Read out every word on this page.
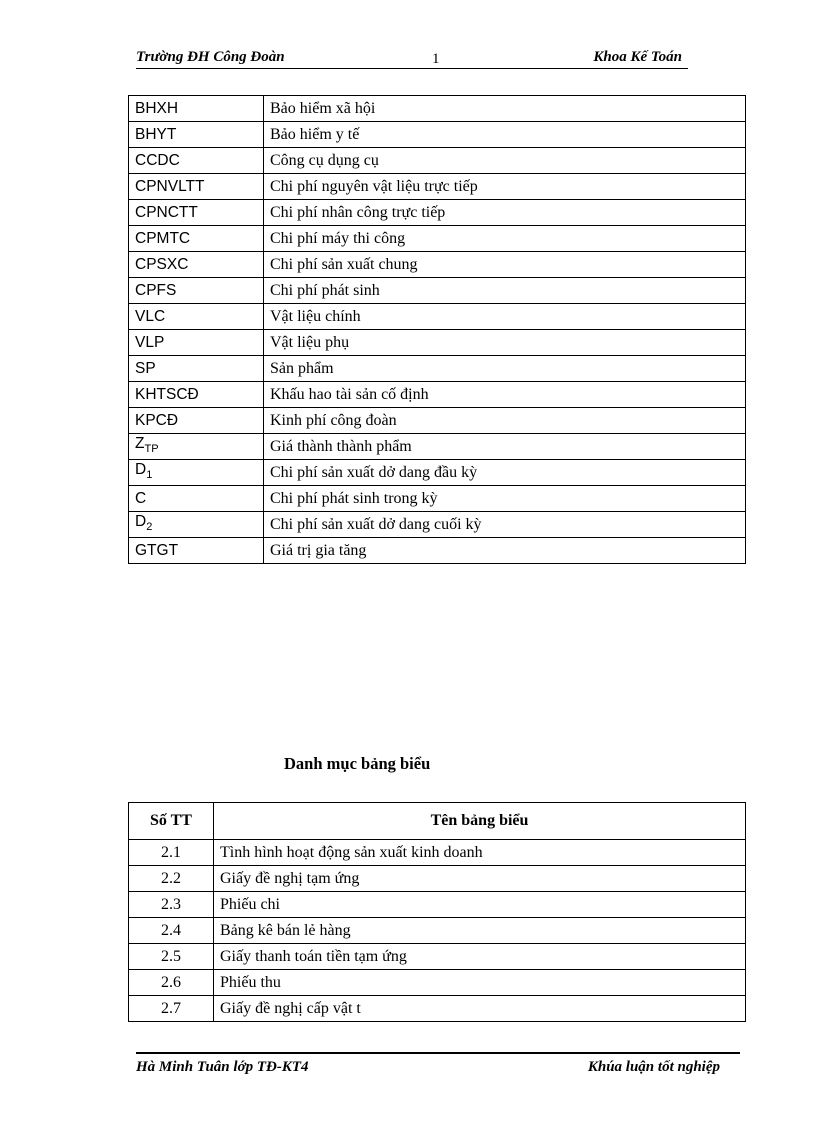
Trường ĐH Công Đoàn	1	Khoa Kế Toán
BHXH	Bảo hiểm xã hội
BHYT	Bảo hiểm y tế
CCDC	Công cụ dụng cụ
CPNVLTT	Chi phí nguyên vật liệu trực tiếp
CPNCTT	Chi phí nhân công trực tiếp
CPMTC	Chi phí máy thi công
CPSXC	Chi phí sản xuất chung
CPFS	Chi phí phát sinh
VLC	Vật liệu chính
VLP	Vật liệu phụ
SP	Sản phẩm
KHTSCĐ	Khấu hao tài sản cố định
KPCĐ	Kinh phí công đoàn
$Z_{TP}$	Giá thành thành phẩm
$D_1$	Chi phí sản xuất dở dang đầu kỳ
C	Chi phí phát sinh trong kỳ
$D_2$	Chi phí sản xuất dở dang cuối kỳ
GTGT	Giá trị gia tăng
Danh mục bảng biểu
Số TT	Tên bảng biểu
2.1	Tình hình hoạt động sản xuất kinh doanh
2.2	Giấy đề nghị tạm ứng
2.3	Phiếu chi
2.4	Bảng kê bán lẻ hàng
2.5	Giấy thanh toán tiền tạm ứng
2.6	Phiếu thu
2.7	Giấy đề nghị cấp vật t
Hà Minh Tuân lớp TĐ-KT4	Khúa luận tốt nghiệp
